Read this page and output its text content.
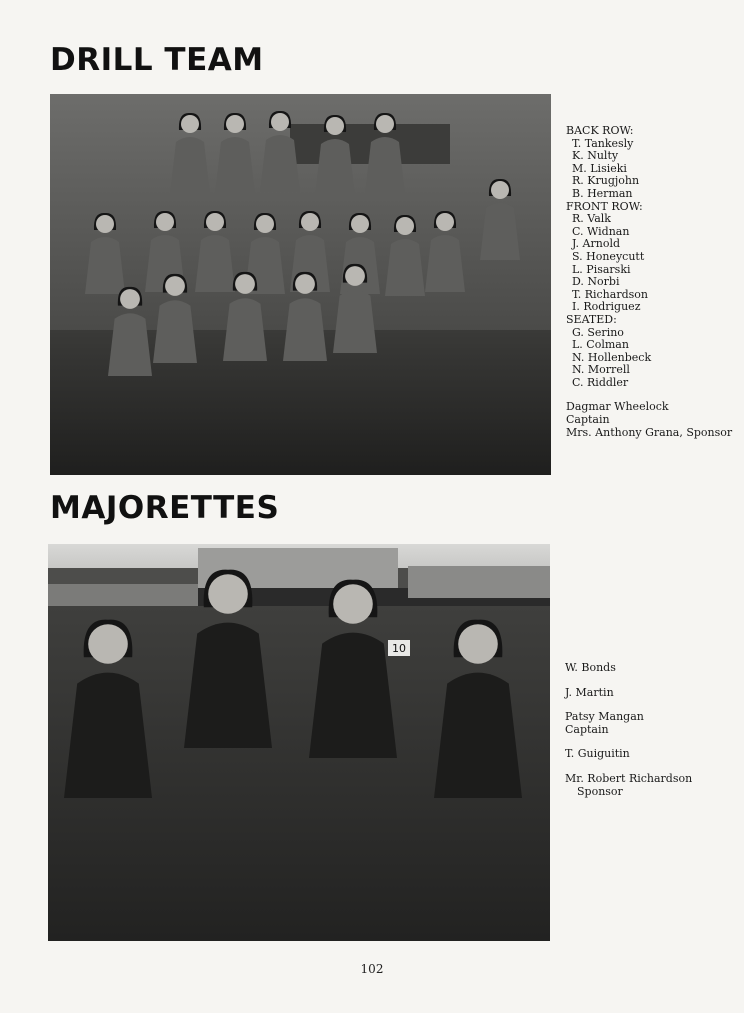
DRILL TEAM
BACK ROW:
T. Tankesly
K. Nulty
M. Lisieki
R. Krugjohn
B. Herman
FRONT ROW:
R. Valk
C. Widnan
J. Arnold
S. Honeycutt
L. Pisarski
D. Norbi
T. Richardson
I. Rodriguez
SEATED:
G. Serino
L. Colman
N. Hollenbeck
N. Morrell
C. Riddler
Dagmar Wheelock
Captain
Mrs. Anthony Grana, Sponsor
MAJORETTES
10
W. Bonds
J. Martin
Patsy Mangan
Captain
T. Guiguitin
Mr. Robert Richardson
Sponsor
102
